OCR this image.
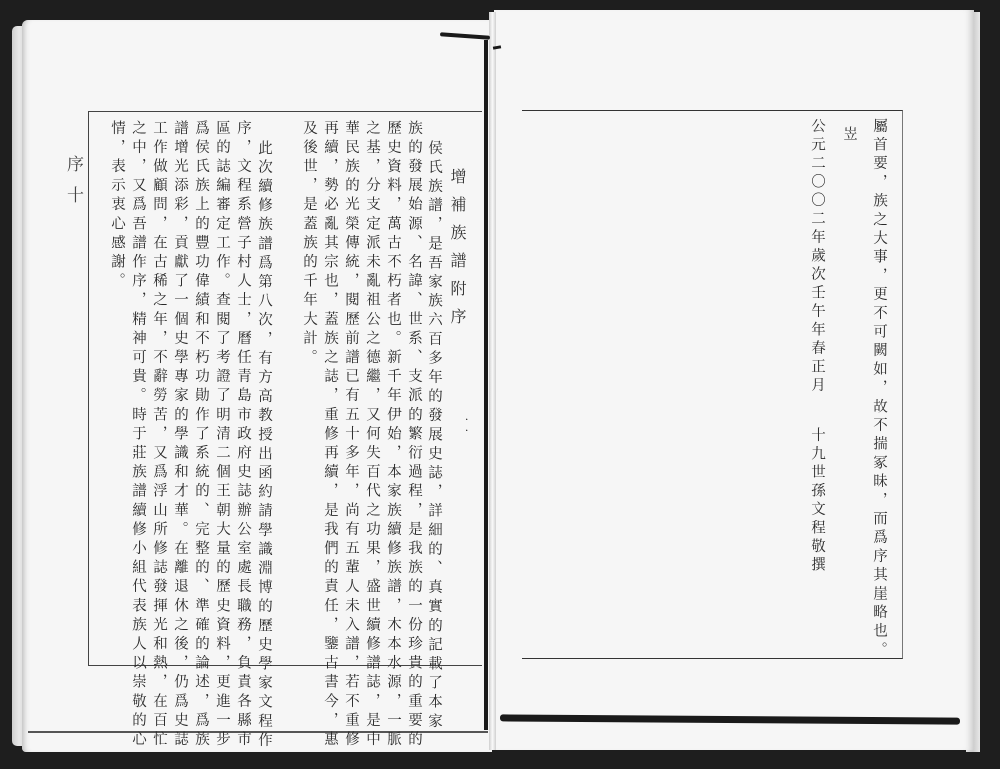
序十	增補族譜附序
．．
侯氏族譜，是吾家族六百多年的發展史誌，詳細的、真實的記載了本家
族的發展始源、名諱、世系、支派的繁衍過程，是我族的一份珍貴的重要的
歷史資料，萬古不朽者也。新千年伊始，本家族續修族譜，木本水源，一脈
之基，分支定派未亂祖公之德繼，又何失百代之功果，盛世續修譜誌，是中
華民族的光榮傳統，閱歷前譜已有五十多年，尚有五輩人未入譜，若不重修
再續，勢必亂其宗也，蓋族之誌，重修再續，是我們的責任，鑒古書今，惠
及後世，是蓋族的千年大計。
此次續修族譜爲第八次，有方高教授出函約請學識淵博的歷史學家文程作
序，文程系營子村人士，曆任青島市政府史誌辦公室處長職務，負責各縣市
區的誌編審定工作。查閱了考證了明清二個王朝大量的歷史資料，更進一步
爲侯氏族上的豐功偉績和不朽功勛作了系統的、完整的、準確的論述，爲族
譜增光添彩，貢獻了一個史學專家的學識和才華。在離退休之後，仍爲史誌
工作做顧問，在古稀之年，不辭勞苦，又爲浮山所修誌發揮光和熱，在百忙
之中，又爲吾譜作序，精神可貴。時于莊族譜續修小組代表族人以崇敬的心
情，表示衷心感謝。	屬首要，族之大事，更不可闕如，故不揣冢昧，而爲序其崖略也。
岦
公元二〇〇二年歲次壬午年春正月
十九世孫文程敬撰
